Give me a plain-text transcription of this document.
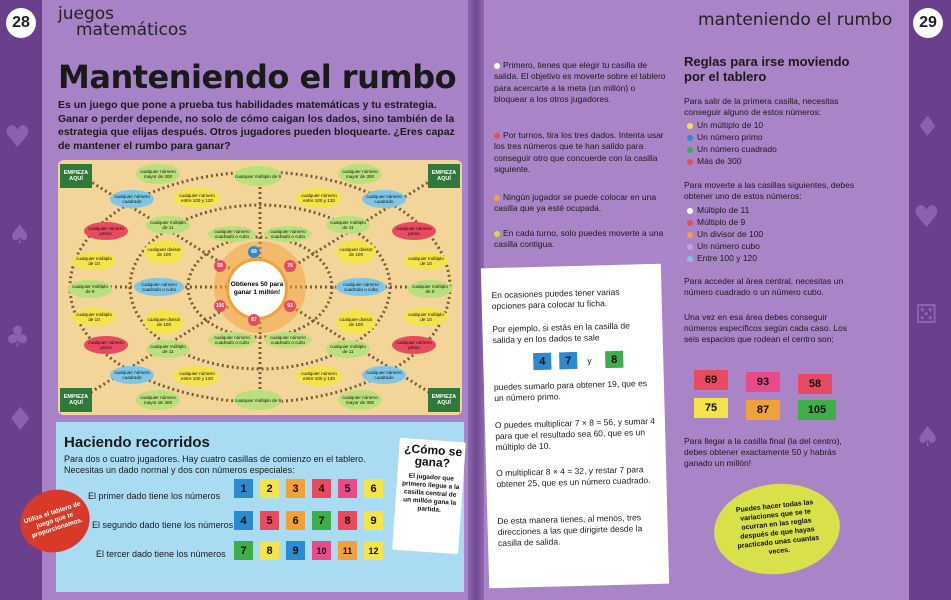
♥
♠
♣
♦
♦
♥
⚄
♠
28	juegos
matemáticos
Manteniendo el rumbo
Es un juego que pone a prueba tus habilidades matemáticas y tu estrategia. Ganar o perder depende, no solo de cómo caigan los dados, sino también de la estrategia que elijas después. Otros jugadores pueden bloquearte. ¿Eres capaz de mantener el rumbo para ganar?
EMPIEZA AQUÍ
EMPIEZA AQUÍ
EMPIEZA AQUÍ
EMPIEZA AQUÍ
cualquier número mayor de 300	cualquier múltiplo de 9
cualquier número mayor de 300
cualquier número cuadrado
cualquier número cuadrado
cualquier número primo
cualquier número primo
cualquier múltiplo de 10
cualquier múltiplo de 10
cualquier múltiplo de 9
cualquier múltiplo de 9
cualquier múltiplo de 10
cualquier múltiplo de 10
cualquier número primo
cualquier número primo
cualquier número cuadrado
cualquier número cuadrado
cualquier número mayor de 300	cualquier múltiplo de 9	cualquier número mayor de 300
cualquier número entre 100 y 120
cualquier número entre 100 y 120
cualquier múltiplo de 11
cualquier múltiplo de 11
cualquier divisor de 100
cualquier divisor de 100
cualquier número cuadrado o cubo
cualquier número cuadrado o cubo
cualquier divisor de 100
cualquier divisor de 100
cualquier múltiplo de 11
cualquier múltiplo de 11
cualquier número entre 100 y 120
cualquier número entre 100 y 120
cualquier número cuadrado o cubo
cualquier número cuadrado o cubo
cualquier número cuadrado o cubo
cualquier número cuadrado o cubo
Obtienes 50 para ganar 1 millón!
69
75
58
87
93
105
Haciendo recorridos
Para dos o cuatro jugadores. Hay cuatro casillas de comienzo en el tablero. Necesitas un dado normal y dos con números especiales:
El primer dado tiene los números
El segundo dado tiene los números
El tercer dado tiene los números
1	2	3	4	5	6
4	5	6	7	8	9
7	8	9	10	11	12
Utiliza el tablero de juego que te proporcionamos.
¿Cómo se gana?
El jugador que primero llegue a la casilla central de un millón gana la partida.
manteniendo el rumbo	29
Primero, tienes que elegir tu casilla de salida. El objetivo es moverte sobre el tablero para acercarte a la meta (un millón) o bloquear a los otros jugadores.
Por turnos, tira los tres dados. Intenta usar los tres números que te han salido para conseguir otro que concuerde con la casilla siguiente.
Ningún jugador se puede colocar en una casilla que ya esté ocupada.
En cada turno, solo puedes moverte a una casilla contigua.
En ocasiones puedes tener varias opciones para colocar tu ficha.
Por ejemplo, si estás en la casilla de salida y en los dados te sale
4	7	y	8
puedes sumarlo para obtener 19, que es un número primo.
O puedes multiplicar 7 × 8 = 56, y sumar 4 para que el resultado sea 60, que es un múltiplo de 10.
O multiplicar 8 × 4 = 32, y restar 7 para obtener 25, que es un número cuadrado.
De esta manera tienes, al menos, tres direcciones a las que dirigirte desde la casilla de salida.
Reglas para irse moviendo por el tablero
Para salir de la primera casilla, necesitas conseguir alguno de estos números:
Un múltiplo de 10
Un número primo
Un número cuadrado
Más de 300
Para moverte a las casillas siguientes, debes obtener uno de estos números:
Múltiplo de 11
Múltiplo de 9
Un divisor de 100
Un número cubo
Entre 100 y 120
Para acceder al área central, necesitas un número cuadrado o un número cubo.
Una vez en esa área debes conseguir números específicos según cada caso. Los seis espacios que rodean el centro son:
69	93	58
75	87	105
Para llegar a la casilla final (la del centro), debes obtener exactamente 50 y habrás ganado un millón!
Puedes hacer todas las variaciones que se te ocurran en las reglas después de que hayas practicado unas cuantas veces.
